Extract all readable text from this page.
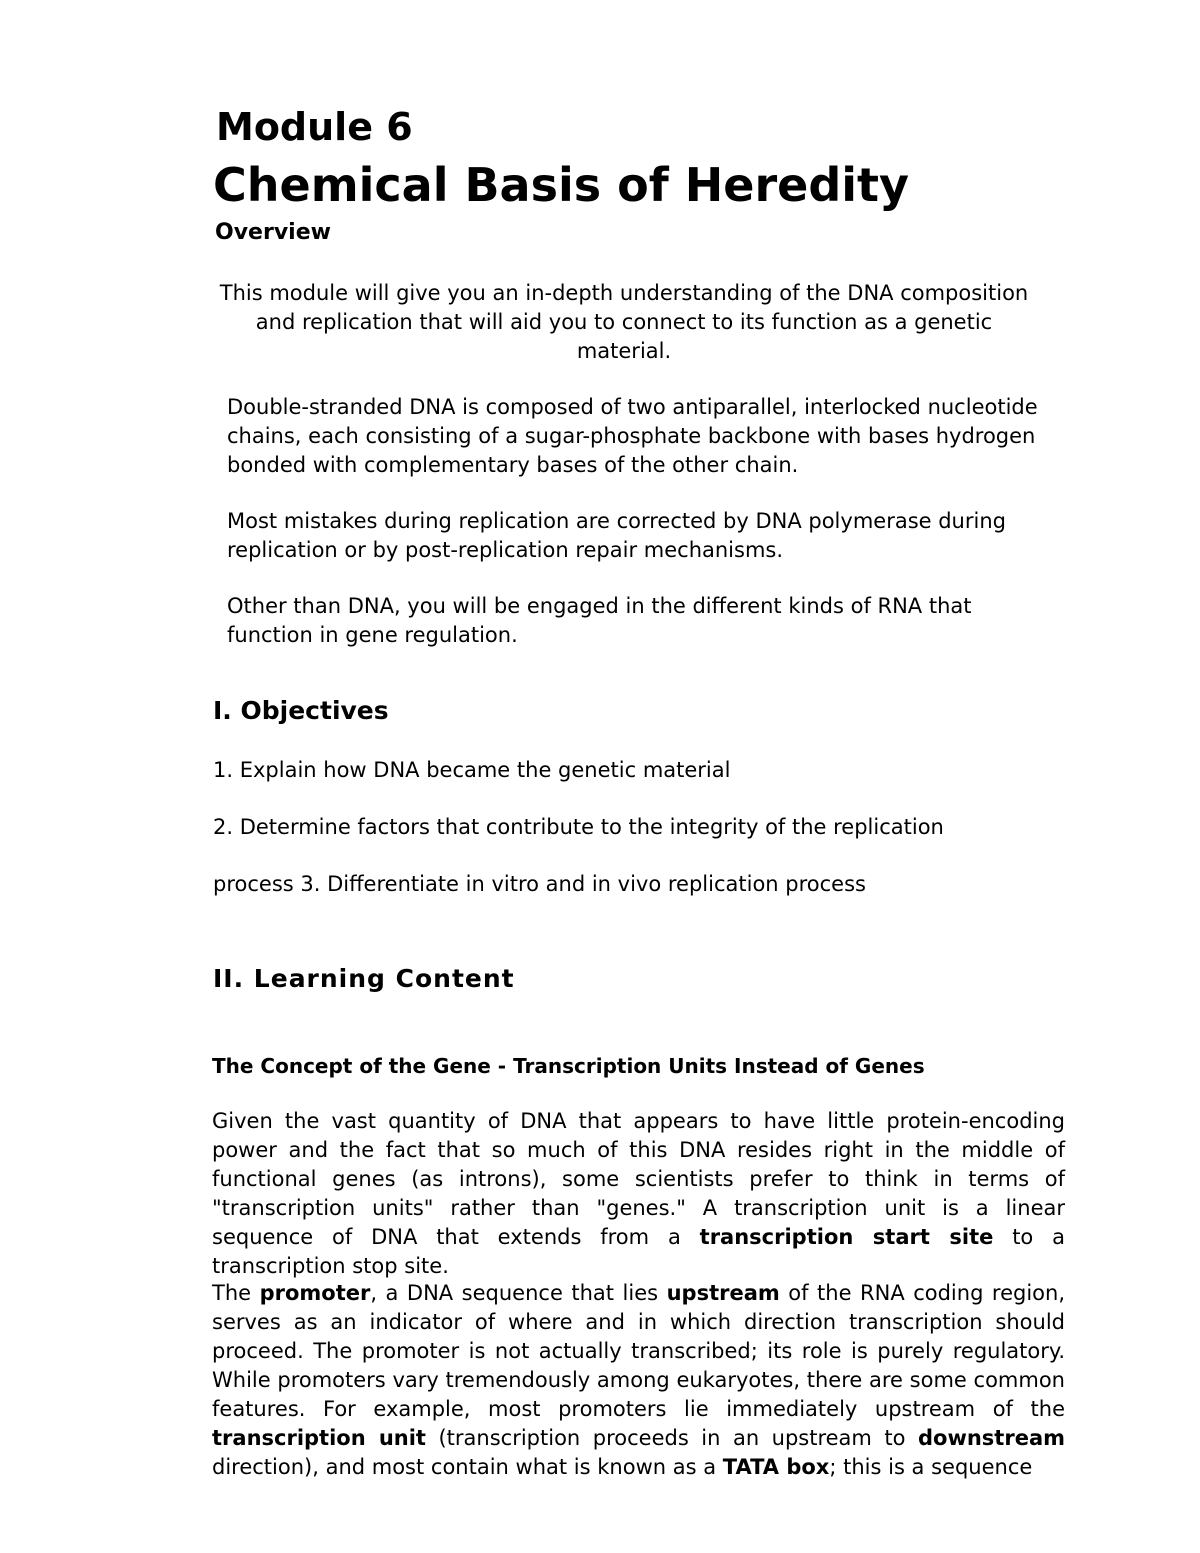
Module 6
Chemical Basis of Heredity
Overview

This module will give you an in-depth understanding of the DNA composition and replication that will aid you to connect to its function as a genetic material.

Double-stranded DNA is composed of two antiparallel, interlocked nucleotide chains, each consisting of a sugar-phosphate backbone with bases hydrogen bonded with complementary bases of the other chain.

Most mistakes during replication are corrected by DNA polymerase during replication or by post-replication repair mechanisms.

Other than DNA, you will be engaged in the different kinds of RNA that function in gene regulation.

I. Objectives

1. Explain how DNA became the genetic material

2. Determine factors that contribute to the integrity of the replication

process 3. Differentiate in vitro and in vivo replication process

II. Learning Content
The Concept of the Gene - Transcription Units Instead of Genes

Given the vast quantity of DNA that appears to have little protein-encoding power and the fact that so much of this DNA resides right in the middle of functional genes (as introns), some scientists prefer to think in terms of "transcription units" rather than "genes." A transcription unit is a linear sequence of DNA that extends from a transcription start site to a transcription stop site.

The promoter, a DNA sequence that lies upstream of the RNA coding region, serves as an indicator of where and in which direction transcription should proceed. The promoter is not actually transcribed; its role is purely regulatory. While promoters vary tremendously among eukaryotes, there are some common features. For example, most promoters lie immediately upstream of the transcription unit (transcription proceeds in an upstream to downstream direction), and most contain what is known as a TATA box; this is a sequence
